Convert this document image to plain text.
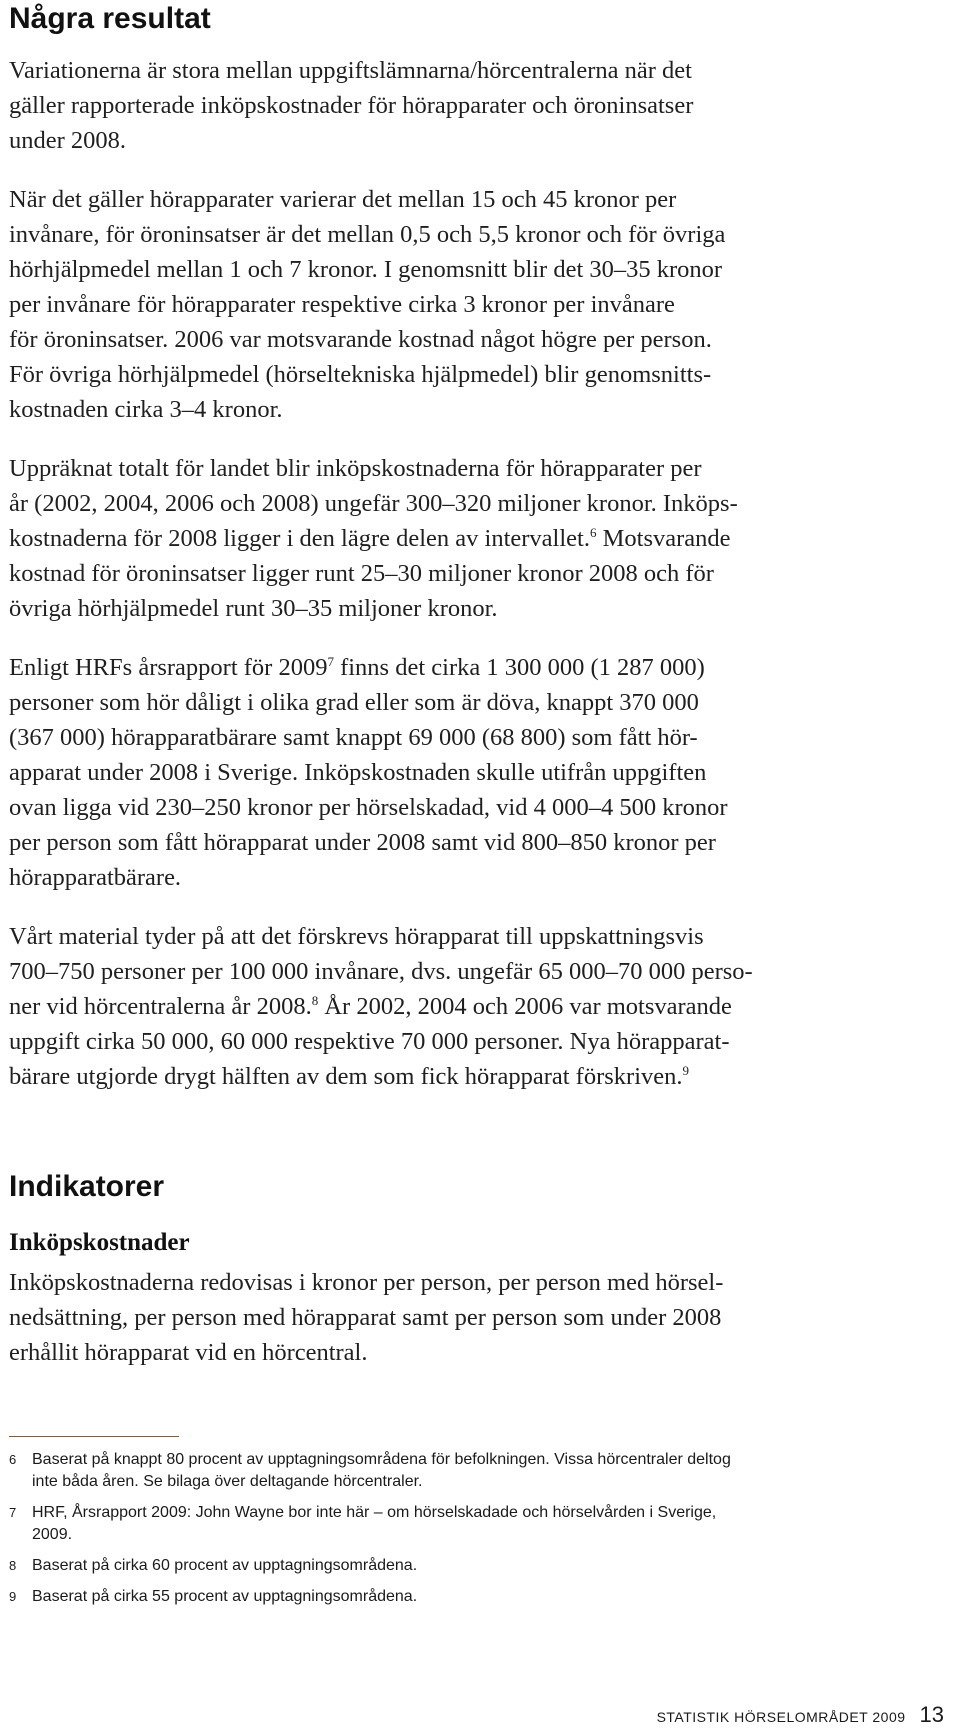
Några resultat

Variationerna är stora mellan uppgiftslämnarna/hörcentralerna när det
gäller rapporterade inköpskostnader för hörapparater och öroninsatser
under 2008.

När det gäller hörapparater varierar det mellan 15 och 45 kronor per
invånare, för öroninsatser är det mellan 0,5 och 5,5 kronor och för övriga
hörhjälpmedel mellan 1 och 7 kronor. I genomsnitt blir det 30–35 kronor
per invånare för hörapparater respektive cirka 3 kronor per invånare
för öroninsatser. 2006 var motsvarande kostnad något högre per person.
För övriga hörhjälpmedel (hörseltekniska hjälpmedel) blir genomsnitts-
kostnaden cirka 3–4 kronor.

Uppräknat totalt för landet blir inköpskostnaderna för hörapparater per
år (2002, 2004, 2006 och 2008) ungefär 300–320 miljoner kronor. Inköps-
kostnaderna för 2008 ligger i den lägre delen av intervallet.$^6$ Motsvarande
kostnad för öroninsatser ligger runt 25–30 miljoner kronor 2008 och för
övriga hörhjälpmedel runt 30–35 miljoner kronor.

Enligt HRFs årsrapport för 2009$^7$ finns det cirka 1 300 000 (1 287 000)
personer som hör dåligt i olika grad eller som är döva, knappt 370 000
(367 000) hörapparatbärare samt knappt 69 000 (68 800) som fått hör-
apparat under 2008 i Sverige. Inköpskostnaden skulle utifrån uppgiften
ovan ligga vid 230–250 kronor per hörselskadad, vid 4 000–4 500 kronor
per person som fått hörapparat under 2008 samt vid 800–850 kronor per
hörapparatbärare.

Vårt material tyder på att det förskrevs hörapparat till uppskattningsvis
700–750 personer per 100 000 invånare, dvs. ungefär 65 000–70 000 perso-
ner vid hörcentralerna år 2008.$^8$ År 2002, 2004 och 2006 var motsvarande
uppgift cirka 50 000, 60 000 respektive 70 000 personer. Nya hörapparat-
bärare utgjorde drygt hälften av dem som fick hörapparat förskriven.$^9$

Indikatorer
Inköpskostnader

Inköpskostnaderna redovisas i kronor per person, per person med hörsel-
nedsättning, per person med hörapparat samt per person som under 2008
erhållit hörapparat vid en hörcentral.

6 Baserat på knappt 80 procent av upptagningsområdena för befolkningen. Vissa hörcentraler deltog
inte båda åren. Se bilaga över deltagande hörcentraler.
7 HRF, Årsrapport 2009: John Wayne bor inte här – om hörselskadade och hörselvården i Sverige,
2009.
8 Baserat på cirka 60 procent av upptagningsområdena.
9 Baserat på cirka 55 procent av upptagningsområdena.
STATISTIK HÖRSELOMRÅDET 2009 13
